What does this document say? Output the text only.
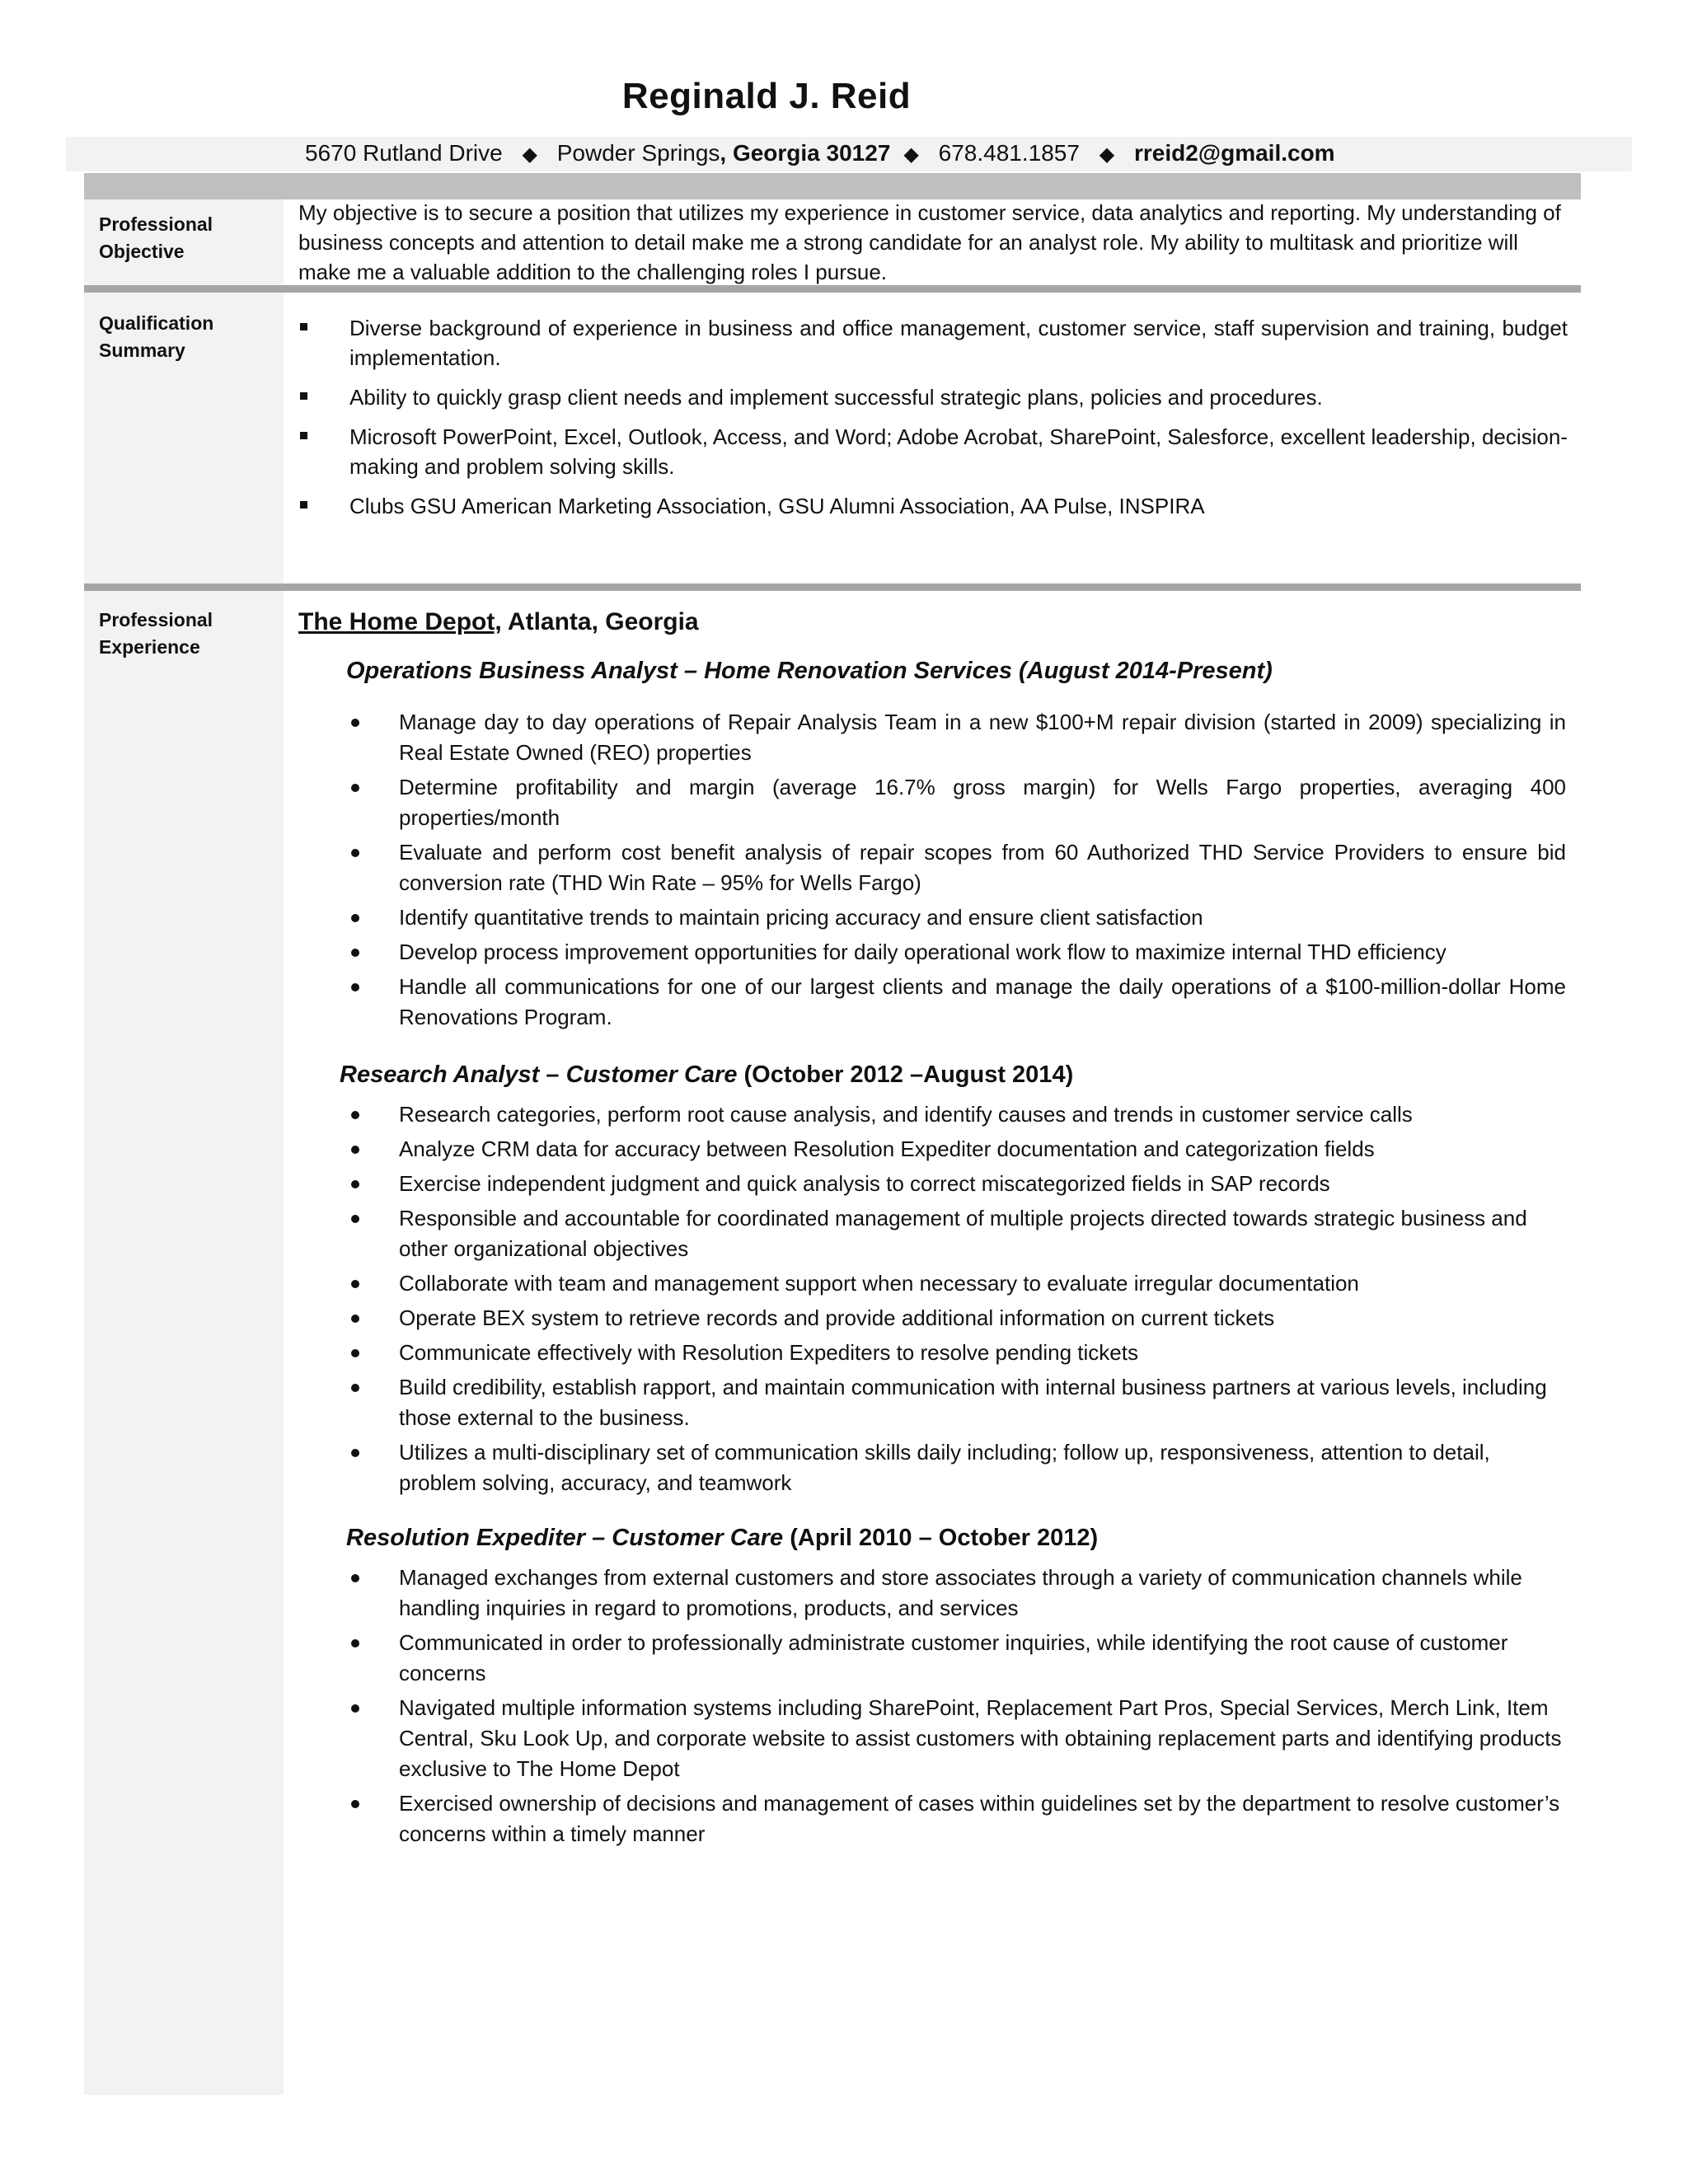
Reginald J. Reid
5670 Rutland Drive ◆ Powder Springs, Georgia 30127 ◆ 678.481.1857 ◆ rreid2@gmail.com
Professional Objective
My objective is to secure a position that utilizes my experience in customer service, data analytics and reporting. My understanding of business concepts and attention to detail make me a strong candidate for an analyst role. My ability to multitask and prioritize will make me a valuable addition to the challenging roles I pursue.
Qualification Summary
Diverse background of experience in business and office management, customer service, staff supervision and training, budget implementation.
Ability to quickly grasp client needs and implement successful strategic plans, policies and procedures.
Microsoft PowerPoint, Excel, Outlook, Access, and Word; Adobe Acrobat, SharePoint, Salesforce, excellent leadership, decision-making and problem solving skills.
Clubs GSU American Marketing Association, GSU Alumni Association, AA Pulse, INSPIRA
Professional Experience
The Home Depot, Atlanta, Georgia
Operations Business Analyst – Home Renovation Services (August 2014-Present)
Manage day to day operations of Repair Analysis Team in a new $100+M repair division (started in 2009) specializing in Real Estate Owned (REO) properties
Determine profitability and margin (average 16.7% gross margin) for Wells Fargo properties, averaging 400 properties/month
Evaluate and perform cost benefit analysis of repair scopes from 60 Authorized THD Service Providers to ensure bid conversion rate (THD Win Rate – 95% for Wells Fargo)
Identify quantitative trends to maintain pricing accuracy and ensure client satisfaction
Develop process improvement opportunities for daily operational work flow to maximize internal THD efficiency
Handle all communications for one of our largest clients and manage the daily operations of a $100-million-dollar Home Renovations Program.
Research Analyst – Customer Care (October 2012 –August 2014)
Research categories, perform root cause analysis, and identify causes and trends in customer service calls
Analyze CRM data for accuracy between Resolution Expediter documentation and categorization fields
Exercise independent judgment and quick analysis to correct miscategorized fields in SAP records
Responsible and accountable for coordinated management of multiple projects directed towards strategic business and other organizational objectives
Collaborate with team and management support when necessary to evaluate irregular documentation
Operate BEX system to retrieve records and provide additional information on current tickets
Communicate effectively with Resolution Expediters to resolve pending tickets
Build credibility, establish rapport, and maintain communication with internal business partners at various levels, including those external to the business.
Utilizes a multi-disciplinary set of communication skills daily including; follow up, responsiveness, attention to detail, problem solving, accuracy, and teamwork
Resolution Expediter – Customer Care (April 2010 – October 2012)
Managed exchanges from external customers and store associates through a variety of communication channels while handling inquiries in regard to promotions, products, and services
Communicated in order to professionally administrate customer inquiries, while identifying the root cause of customer concerns
Navigated multiple information systems including SharePoint, Replacement Part Pros, Special Services, Merch Link, Item Central, Sku Look Up, and corporate website to assist customers with obtaining replacement parts and identifying products exclusive to The Home Depot
Exercised ownership of decisions and management of cases within guidelines set by the department to resolve customer’s concerns within a timely manner
